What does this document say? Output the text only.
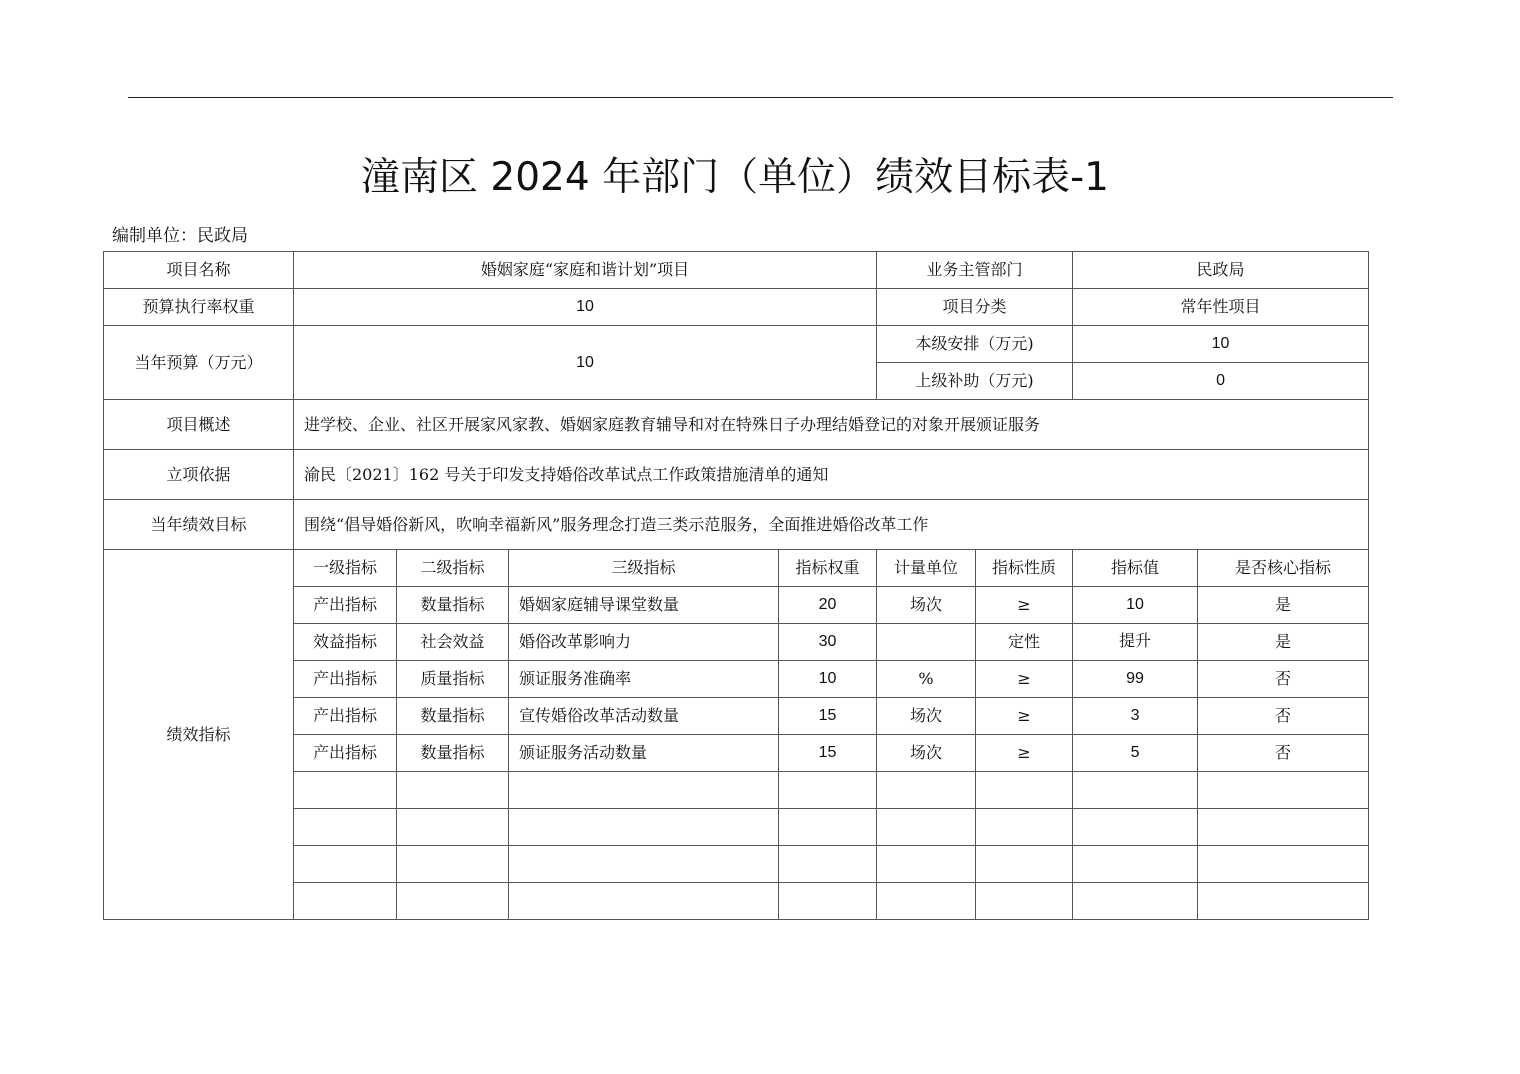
潼南区 2024 年部门（单位）绩效目标表-1
编制单位：民政局
项目名称	婚姻家庭“家庭和谐计划”项目				业务主管部门		民政局	
预算执行率权重	10				项目分类		常年性项目	
当年预算（万元）	10				本级安排（万元)		10	
					上级补助（万元)		0	
项目概述	进学校、企业、社区开展家风家教、婚姻家庭教育辅导和对在特殊日子办理结婚登记的对象开展颁证服务							
立项依据	渝民〔2021〕162 号关于印发支持婚俗改革试点工作政策措施清单的通知							
当年绩效目标	围绕“倡导婚俗新风，吹响幸福新风”服务理念打造三类示范服务，全面推进婚俗改革工作							
绩效指标	一级指标	二级指标	三级指标	指标权重	计量单位	指标性质	指标值	是否核心指标
	产出指标	数量指标	婚姻家庭辅导课堂数量	20	场次	≥	10	是
	效益指标	社会效益	婚俗改革影响力	30		定性	提升	是
	产出指标	质量指标	颁证服务准确率	10	%	≥	99	否
	产出指标	数量指标	宣传婚俗改革活动数量	15	场次	≥	3	否
	产出指标	数量指标	颁证服务活动数量	15	场次	≥	5	否
